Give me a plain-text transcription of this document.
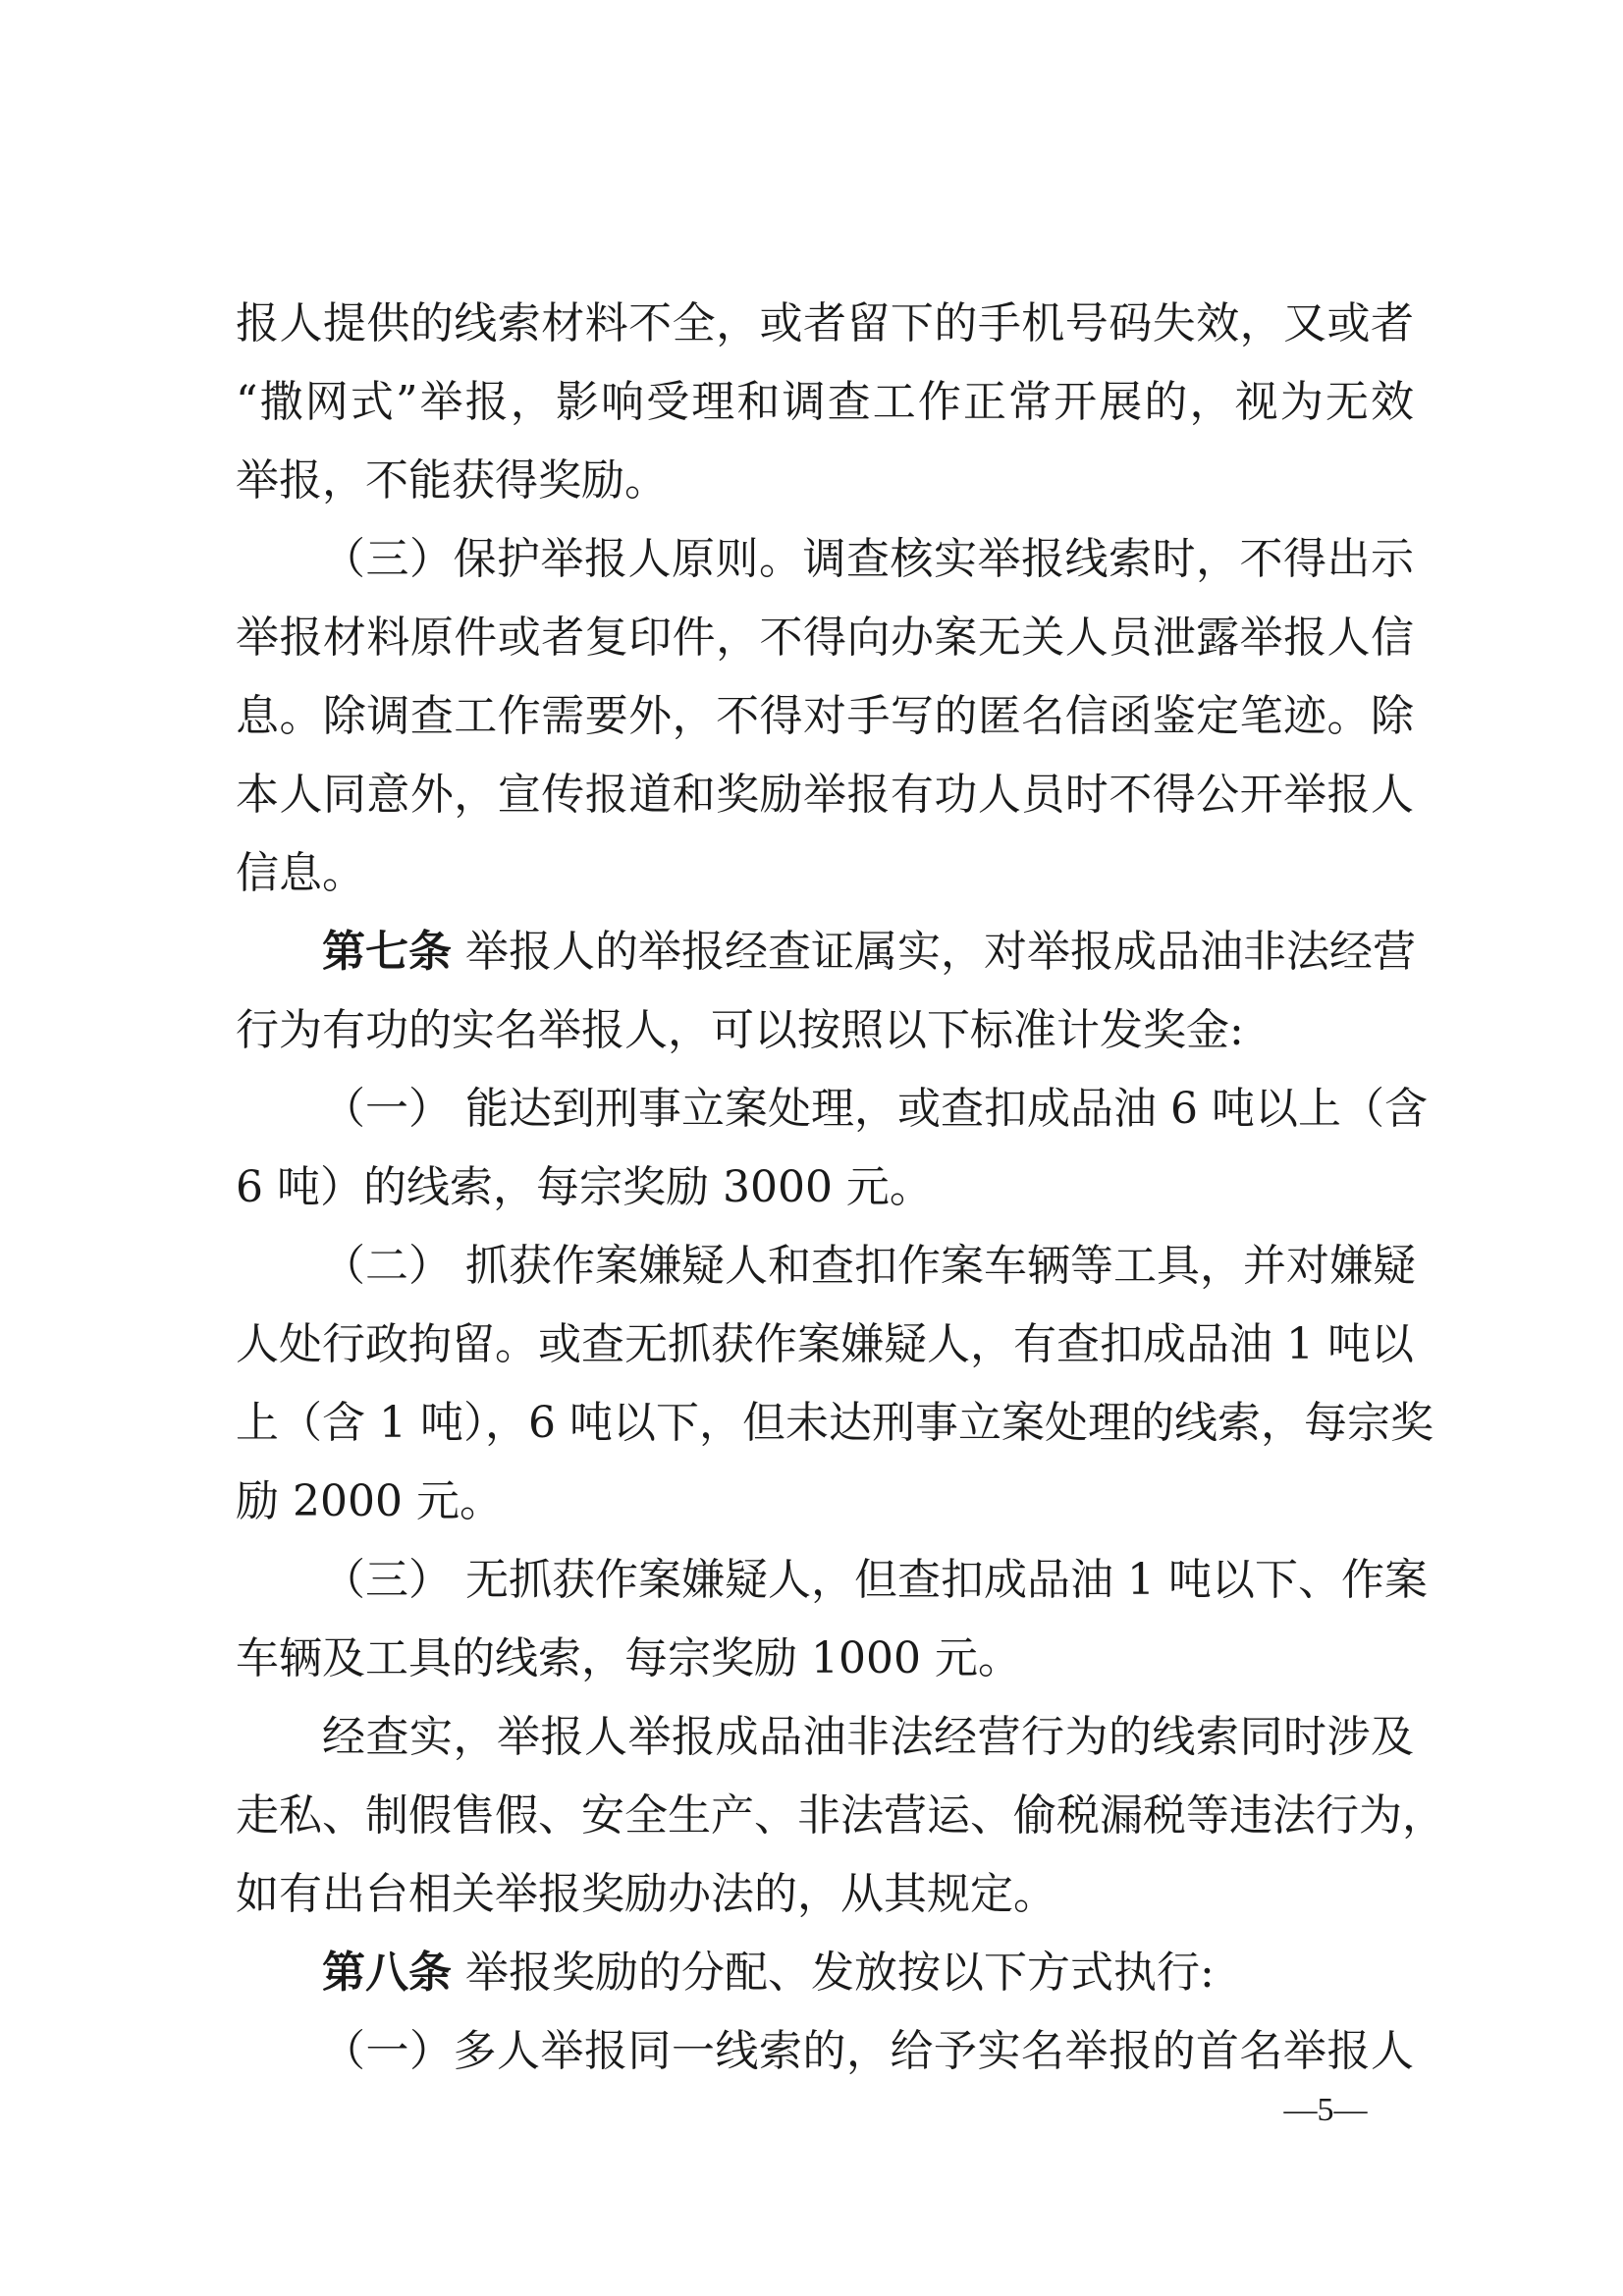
报人提供的线索材料不全，或者留下的手机号码失效，又或者
“撒网式”举报，影响受理和调查工作正常开展的，视为无效
举报，不能获得奖励。
（三）保护举报人原则。调查核实举报线索时，不得出示
举报材料原件或者复印件，不得向办案无关人员泄露举报人信
息。除调查工作需要外，不得对手写的匿名信函鉴定笔迹。除
本人同意外，宣传报道和奖励举报有功人员时不得公开举报人
信息。
第七条 举报人的举报经查证属实，对举报成品油非法经营
行为有功的实名举报人，可以按照以下标准计发奖金:
（一） 能达到刑事立案处理，或查扣成品油 6 吨以上（含
6 吨）的线索，每宗奖励 3000 元。
（二） 抓获作案嫌疑人和查扣作案车辆等工具，并对嫌疑
人处行政拘留。或查无抓获作案嫌疑人，有查扣成品油 1 吨以
上（含 1 吨），6 吨以下，但未达刑事立案处理的线索，每宗奖
励 2000 元。
（三） 无抓获作案嫌疑人，但查扣成品油 1 吨以下、作案
车辆及工具的线索，每宗奖励 1000 元。
经查实，举报人举报成品油非法经营行为的线索同时涉及
走私、制假售假、安全生产、非法营运、偷税漏税等违法行为，
如有出台相关举报奖励办法的，从其规定。
第八条 举报奖励的分配、发放按以下方式执行:
（一）多人举报同一线索的，给予实名举报的首名举报人
—5—
